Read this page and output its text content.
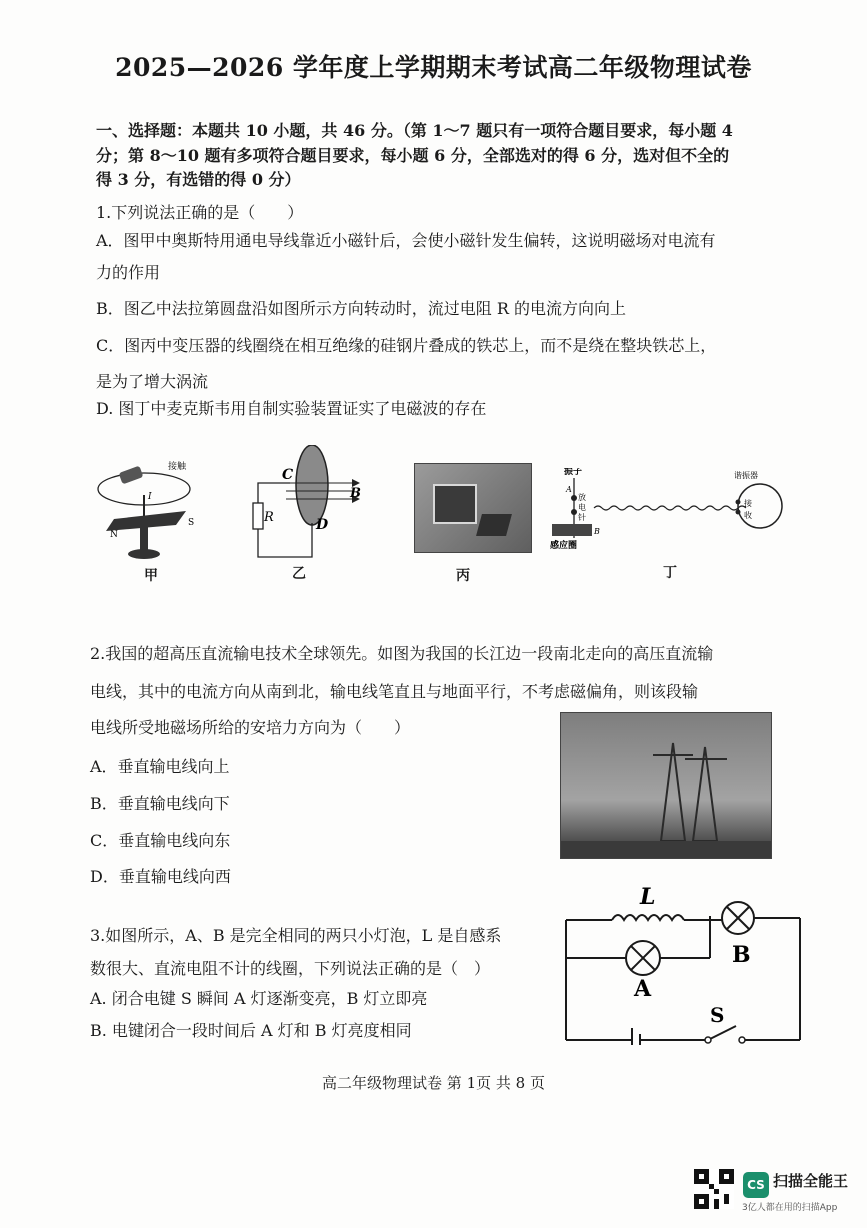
2025—2026 学年度上学期期末考试高二年级物理试卷
一、选择题：本题共 10 小题，共 46 分。（第 1～7 题只有一项符合题目要求，每小题 4
分；第 8～10 题有多项符合题目要求，每小题 6 分，全部选对的得 6 分，选对但不全的
得 3 分，有选错的得 0 分）
1.下列说法正确的是（　　）
A．图甲中奥斯特用通电导线靠近小磁针后，会使小磁针发生偏转，这说明磁场对电流有
力的作用
B．图乙中法拉第圆盘沿如图所示方向转动时，流过电阻 R 的电流方向向上
C．图丙中变压器的线圈绕在相互绝缘的硅钢片叠成的铁芯上，而不是绕在整块铁芯上，
是为了增大涡流
D. 图丁中麦克斯韦用自制实验装置证实了电磁波的存在
接触
I
N
S
甲
C
D
B
R
乙	丙
振子
A
放
电
针
B
感应圈
谐振器
接
收
丁
2.我国的超高压直流输电技术全球领先。如图为我国的长江边一段南北走向的高压直流输
电线，其中的电流方向从南到北，输电线笔直且与地面平行，不考虑磁偏角，则该段输
电线所受地磁场所给的安培力方向为（　　）
A．垂直输电线向上
B．垂直输电线向下
C．垂直输电线向东
D．垂直输电线向西
3.如图所示，A、B 是完全相同的两只小灯泡，L 是自感系
数很大、直流电阻不计的线圈，下列说法正确的是（　）
A. 闭合电键 S 瞬间 A 灯逐渐变亮，B 灯立即亮
B. 电键闭合一段时间后 A 灯和 B 灯亮度相同
L
B
A
S
高二年级物理试卷 第 1页 共 8 页
CS 扫描全能王
3亿人都在用的扫描App
